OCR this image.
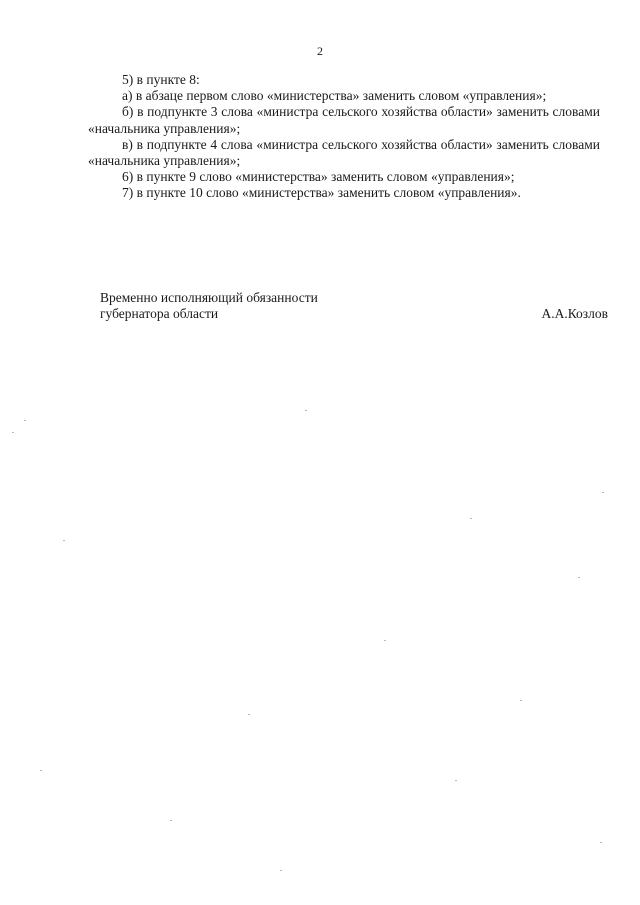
2

5) в пункте 8:

а) в абзаце первом слово «министерства» заменить словом «управления»;

б) в подпункте 3 слова «министра сельского хозяйства области» заменить словами «начальника управления»;

в) в подпункте 4 слова «министра сельского хозяйства области» заменить словами «начальника управления»;

6) в пункте 9 слово «министерства» заменить словом «управления»;

7) в пункте 10 слово «министерства» заменить словом «управления».

Временно исполняющий обязанности
губернатора области	А.А.Козлов
